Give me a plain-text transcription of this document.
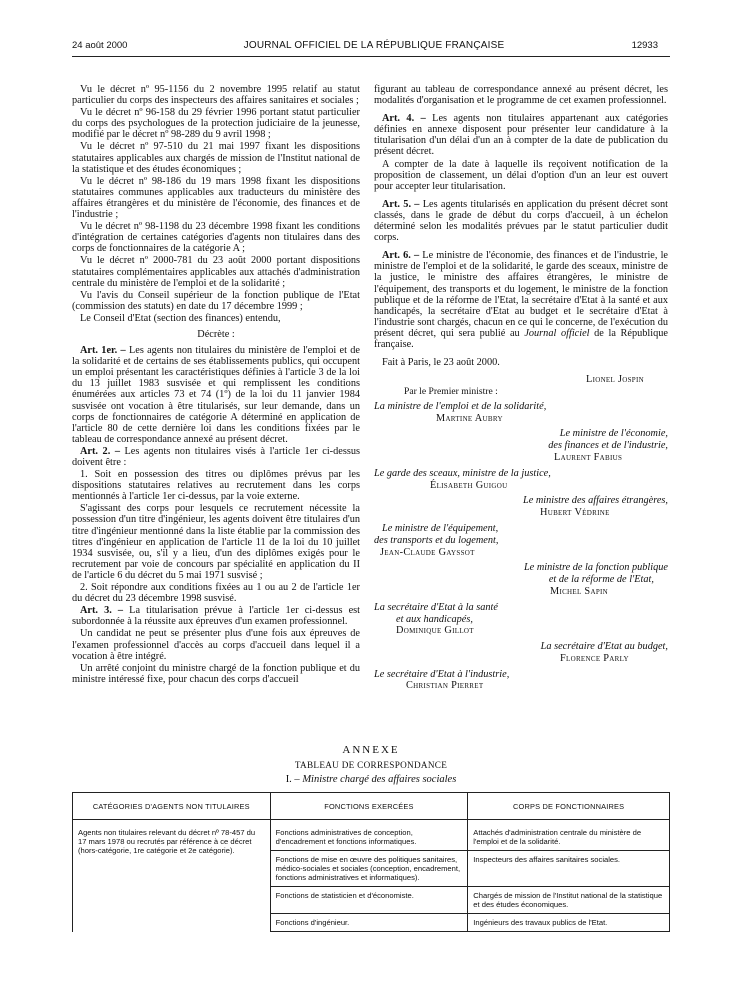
24 août 2000	JOURNAL OFFICIEL DE LA RÉPUBLIQUE FRANÇAISE	12933

Vu le décret nº 95-1156 du 2 novembre 1995 relatif au statut particulier du corps des inspecteurs des affaires sanitaires et sociales ;

Vu le décret nº 96-158 du 29 février 1996 portant statut particulier du corps des psychologues de la protection judiciaire de la jeunesse, modifié par le décret nº 98-289 du 9 avril 1998 ;

Vu le décret nº 97-510 du 21 mai 1997 fixant les dispositions statutaires applicables aux chargés de mission de l'Institut national de la statistique et des études économiques ;

Vu le décret nº 98-186 du 19 mars 1998 fixant les dispositions statutaires communes applicables aux traducteurs du ministère des affaires étrangères et du ministère de l'économie, des finances et de l'industrie ;

Vu le décret nº 98-1198 du 23 décembre 1998 fixant les conditions d'intégration de certaines catégories d'agents non titulaires dans des corps de fonctionnaires de la catégorie A ;

Vu le décret nº 2000-781 du 23 août 2000 portant dispositions statutaires complémentaires applicables aux attachés d'administration centrale du ministère de l'emploi et de la solidarité ;

Vu l'avis du Conseil supérieur de la fonction publique de l'Etat (commission des statuts) en date du 17 décembre 1999 ;

Le Conseil d'Etat (section des finances) entendu,

Décrète :

Art. 1er. – Les agents non titulaires du ministère de l'emploi et de la solidarité et de certains de ses établissements publics, qui occupent un emploi présentant les caractéristiques définies à l'article 3 de la loi du 13 juillet 1983 susvisée et qui remplissent les conditions énumérées aux articles 73 et 74 (1º) de la loi du 11 janvier 1984 susvisée ont vocation à être titularisés, sur leur demande, dans un corps de fonctionnaires de catégorie A déterminé en application de l'article 80 de cette dernière loi dans les conditions fixées par le tableau de correspondance annexé au présent décret.

Art. 2. – Les agents non titulaires visés à l'article 1er ci-dessus doivent être :

1. Soit en possession des titres ou diplômes prévus par les dispositions statutaires relatives au recrutement dans les corps mentionnés à l'article 1er ci-dessus, par la voie externe.

S'agissant des corps pour lesquels ce recrutement nécessite la possession d'un titre d'ingénieur, les agents doivent être titulaires d'un titre d'ingénieur mentionné dans la liste établie par la commission des titres d'ingénieur en application de l'article 11 de la loi du 10 juillet 1934 susvisée, ou, s'il y a lieu, d'un des diplômes exigés pour le recrutement par voie de concours par spécialité en application du II de l'article 6 du décret du 5 mai 1971 susvisé ;

2. Soit répondre aux conditions fixées au 1 ou au 2 de l'article 1er du décret du 23 décembre 1998 susvisé.

Art. 3. – La titularisation prévue à l'article 1er ci-dessus est subordonnée à la réussite aux épreuves d'un examen professionnel.

Un candidat ne peut se présenter plus d'une fois aux épreuves de l'examen professionnel d'accès au corps d'accueil dans lequel il a vocation à être intégré.

Un arrêté conjoint du ministre chargé de la fonction publique et du ministre intéressé fixe, pour chacun des corps d'accueil

figurant au tableau de correspondance annexé au présent décret, les modalités d'organisation et le programme de cet examen professionnel.

Art. 4. – Les agents non titulaires appartenant aux catégories définies en annexe disposent pour présenter leur candidature à la titularisation d'un délai d'un an à compter de la date de publication du présent décret.

A compter de la date à laquelle ils reçoivent notification de la proposition de classement, un délai d'option d'un an leur est ouvert pour accepter leur titularisation.

Art. 5. – Les agents titularisés en application du présent décret sont classés, dans le grade de début du corps d'accueil, à un échelon déterminé selon les modalités prévues par le statut particulier dudit corps.

Art. 6. – Le ministre de l'économie, des finances et de l'industrie, le ministre de l'emploi et de la solidarité, le garde des sceaux, ministre de la justice, le ministre des affaires étrangères, le ministre de l'équipement, des transports et du logement, le ministre de la fonction publique et de la réforme de l'Etat, la secrétaire d'Etat à la santé et aux handicapés, la secrétaire d'Etat au budget et le secrétaire d'Etat à l'industrie sont chargés, chacun en ce qui le concerne, de l'exécution du présent décret, qui sera publié au Journal officiel de la République française.

Fait à Paris, le 23 août 2000.

Lionel Jospin
Par le Premier ministre :
La ministre de l'emploi et de la solidarité,
Martine Aubry
Le ministre de l'économie,
des finances et de l'industrie,
Laurent Fabius
Le garde des sceaux, ministre de la justice,
Élisabeth Guigou
Le ministre des affaires étrangères,
Hubert Védrine
Le ministre de l'équipement,
des transports et du logement,
Jean-Claude Gayssot
Le ministre de la fonction publique
et de la réforme de l'Etat,
Michel Sapin
La secrétaire d'Etat à la santé
et aux handicapés,
Dominique Gillot
La secrétaire d'Etat au budget,
Florence Parly
Le secrétaire d'Etat à l'industrie,
Christian Pierret
ANNEXE
TABLEAU DE CORRESPONDANCE
I. – Ministre chargé des affaires sociales
CATÉGORIES D'AGENTS NON TITULAIRES	FONCTIONS EXERCÉES	CORPS DE FONCTIONNAIRES
Agents non titulaires relevant du décret nº 78-457 du 17 mars 1978 ou recrutés par référence à ce décret (hors-catégorie, 1re catégorie et 2e catégorie).	Fonctions administratives de conception, d'encadrement et fonctions informatiques.	Attachés d'administration centrale du ministère de l'emploi et de la solidarité.
	Fonctions de mise en œuvre des politiques sanitaires, médico-sociales et sociales (conception, encadrement, fonctions administratives et informatiques).	Inspecteurs des affaires sanitaires sociales.
	Fonctions de statisticien et d'économiste.	Chargés de mission de l'Institut national de la statistique et des études économiques.
	Fonctions d'ingénieur.	Ingénieurs des travaux publics de l'Etat.
